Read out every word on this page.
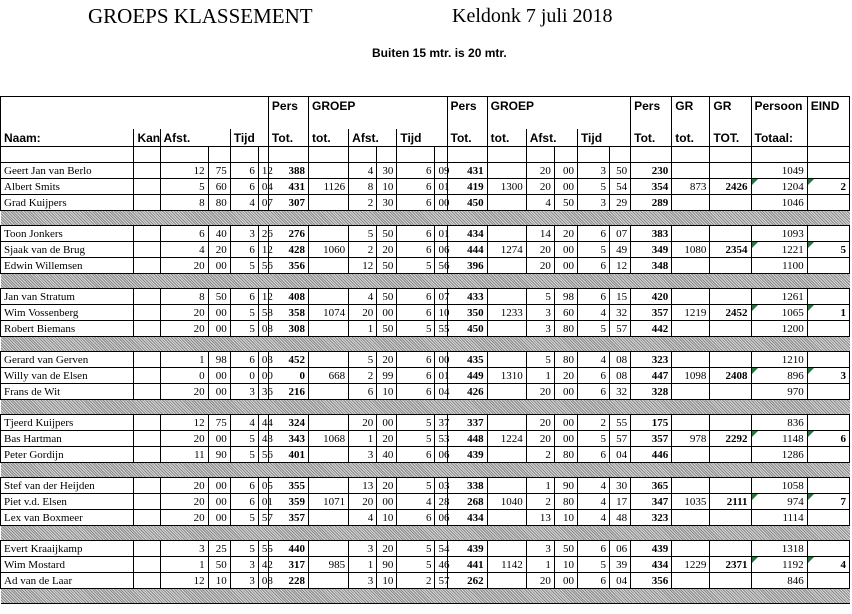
GROEPS KLASSEMENT	Keldonk 7 juli 2018
Buiten 15 mtr. is 20 mtr.
						Pers	GROEP					Pers	GROEP					Pers	GR	GR	Persoon	EIND
Naam:	Kan	Afst.		Tijd		Tot.	tot.	Afst.		Tijd		Tot.	tot.	Afst.		Tijd		Tot.	tot.	TOT.	Totaal:	

Geert Jan van Berlo		12	75	6	12	388		4	30	6	09	431		20	00	3	50	230			1049	
Albert Smits		5	60	6	04	431	1126	8	10	6	01	419	1300	20	00	5	54	354	873	2426	1204	2
Grad Kuijpers		8	80	4	07	307		2	30	6	00	450		4	50	3	29	289			1046	

Toon Jonkers		6	40	3	26	276		5	50	6	01	434		14	20	6	07	383			1093	
Sjaak van de Brug		4	20	6	12	428	1060	2	20	6	06	444	1274	20	00	5	49	349	1080	2354	1221	5
Edwin Willemsen		20	00	5	56	356		12	50	5	56	396		20	00	6	12	348			1100	

Jan van Stratum		8	50	6	12	408		4	50	6	07	433		5	98	6	15	420			1261	
Wim Vossenberg		20	00	5	58	358	1074	20	00	6	10	350	1233	3	60	4	32	357	1219	2452	1065	1
Robert Biemans		20	00	5	08	308		1	50	5	55	450		3	80	5	57	442			1200	

Gerard van Gerven		1	98	6	03	452		5	20	6	00	435		5	80	4	08	323			1210	
Willy van de Elsen		0	00	0	00	0	668	2	99	6	01	449	1310	1	20	6	08	447	1098	2408	896	3
Frans de Wit		20	00	3	36	216		6	10	6	04	426		20	00	6	32	328			970	

Tjeerd Kuijpers		12	75	4	44	324		20	00	5	37	337		20	00	2	55	175			836	
Bas Hartman		20	00	5	43	343	1068	1	20	5	53	448	1224	20	00	5	57	357	978	2292	1148	6
Peter Gordijn		11	90	5	56	401		3	40	6	06	439		2	80	6	04	446			1286	

Stef van der Heijden		20	00	6	05	355		13	20	5	03	338		1	90	4	30	365			1058	
Piet v.d. Elsen		20	00	6	01	359	1071	20	00	4	28	268	1040	2	80	4	17	347	1035	2111	974	7
Lex van Boxmeer		20	00	5	57	357		4	10	6	06	434		13	10	4	48	323			1114	

Evert Kraaijkamp		3	25	5	55	440		3	20	5	54	439		3	50	6	06	439			1318	
Wim Mostard		1	50	3	42	317	985	1	90	5	46	441	1142	1	10	5	39	434	1229	2371	1192	4
Ad van de Laar		12	10	3	08	228		3	10	2	57	262		20	00	6	04	356			846	
